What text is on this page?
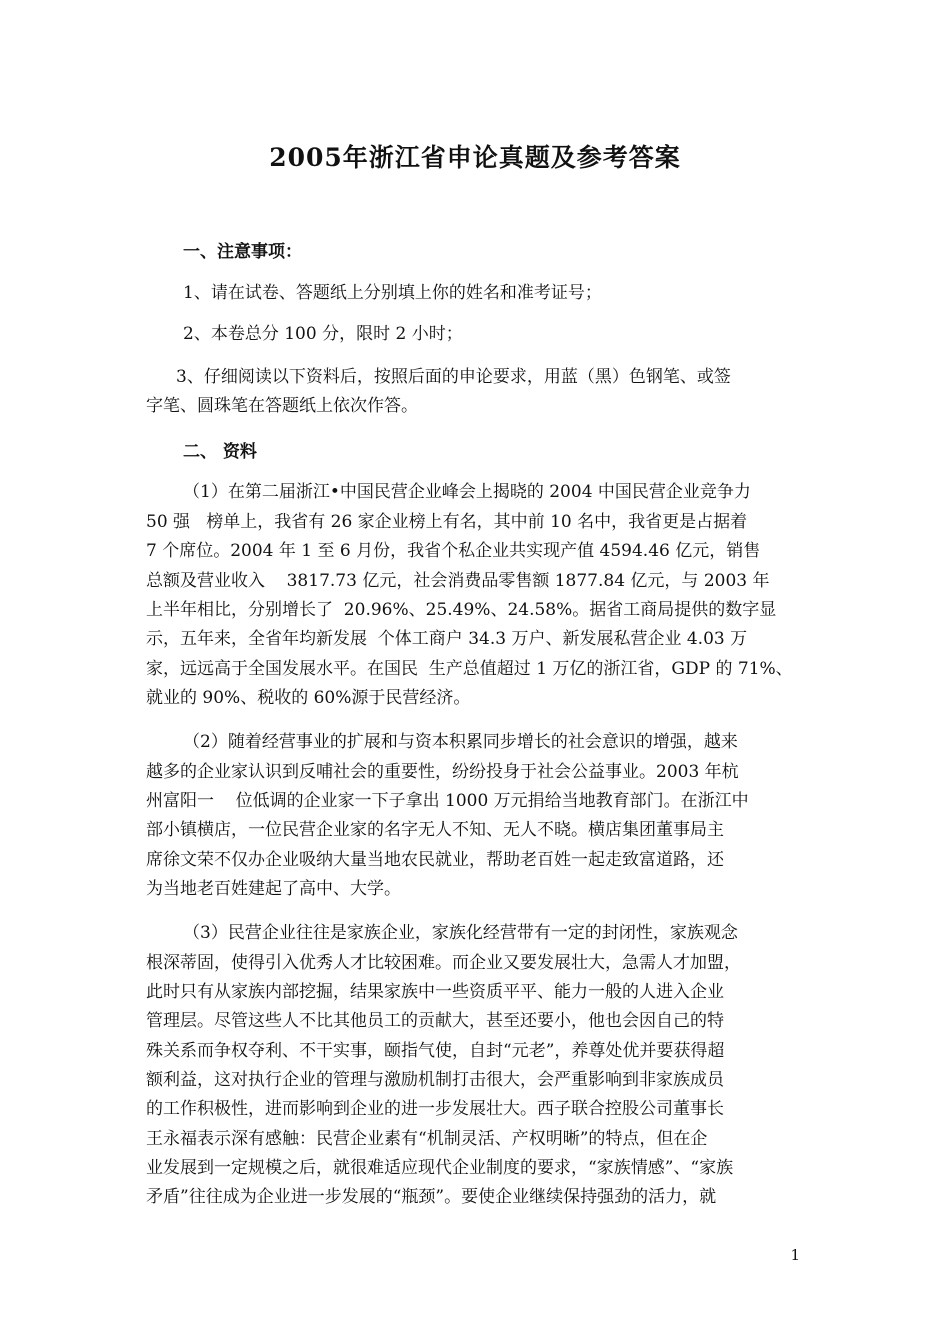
2005年浙江省申论真题及参考答案
一、注意事项：
1、请在试卷、答题纸上分别填上你的姓名和准考证号；
2、本卷总分 100 分，限时 2 小时；
3、仔细阅读以下资料后，按照后面的申论要求，用蓝（黑）色钢笔、或签
字笔、圆珠笔在答题纸上依次作答。
二、 资料
（1）在第二届浙江•中国民营企业峰会上揭晓的 2004 中国民营企业竞争力
50 强   榜单上，我省有 26 家企业榜上有名，其中前 10 名中，我省更是占据着
7 个席位。2004 年 1 至 6 月份，我省个私企业共实现产值 4594.46 亿元，销售
总额及营业收入    3817.73 亿元，社会消费品零售额 1877.84 亿元，与 2003 年
上半年相比，分别增长了  20.96%、25.49%、24.58%。据省工商局提供的数字显
示，五年来，全省年均新发展  个体工商户 34.3 万户、新发展私营企业 4.03 万
家，远远高于全国发展水平。在国民  生产总值超过 1 万亿的浙江省，GDP 的 71%、
就业的 90%、税收的 60%源于民营经济。
（2）随着经营事业的扩展和与资本积累同步增长的社会意识的增强，越来
越多的企业家认识到反哺社会的重要性，纷纷投身于社会公益事业。2003 年杭
州富阳一    位低调的企业家一下子拿出 1000 万元捐给当地教育部门。在浙江中
部小镇横店，一位民营企业家的名字无人不知、无人不晓。横店集团董事局主
席徐文荣不仅办企业吸纳大量当地农民就业，帮助老百姓一起走致富道路，还
为当地老百姓建起了高中、大学。
（3）民营企业往往是家族企业，家族化经营带有一定的封闭性，家族观念
根深蒂固，使得引入优秀人才比较困难。而企业又要发展壮大，急需人才加盟，
此时只有从家族内部挖掘，结果家族中一些资质平平、能力一般的人进入企业
管理层。尽管这些人不比其他员工的贡献大，甚至还要小，他也会因自己的特
殊关系而争权夺利、不干实事，颐指气使，自封“元老”，养尊处优并要获得超
额利益，这对执行企业的管理与激励机制打击很大，会严重影响到非家族成员
的工作积极性，进而影响到企业的进一步发展壮大。西子联合控股公司董事长
王永福表示深有感触：民营企业素有“机制灵活、产权明晰”的特点，但在企
业发展到一定规模之后，就很难适应现代企业制度的要求，“家族情感”、“家族
矛盾”往往成为企业进一步发展的“瓶颈”。要使企业继续保持强劲的活力，就
1
